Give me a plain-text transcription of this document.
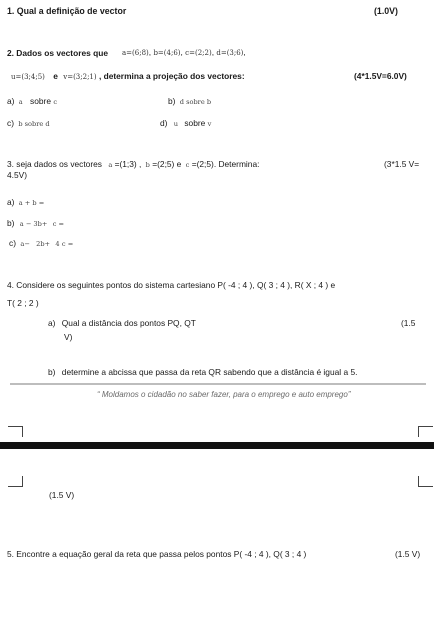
1. Qual a definição de vector	(1.0V)
2. Dados os vectores que a=(6;8), b=(4;6), c=(2;2), d=(3;6),
u=(3;4;5) e v=(3;2;1) , determina a projeção dos vectores:	(4*1.5V=6.0V)
a) a sobre c	b) d sobre b
c) b sobre d	d) u sobre v
3. seja dados os vectores a =(1;3) , b =(2;5) e c =(2;5). Determina:	(3*1.5 V=
4.5V)
a) a + b =
b) a − 3b+ c =
c) a− 2b+ 4 c =
4. Considere os seguintes pontos do sistema cartesiano P( -4 ; 4 ), Q( 3 ; 4 ), R( X ; 4 ) e
T( 2 ; 2 )
a) Qual a distância dos pontos PQ, QT	(1.5
V)
b) determine a abcissa que passa da reta QR sabendo que a distância é igual a 5.
“ Moldamos o cidadão no saber fazer, para o emprego e auto emprego”
(1.5 V)
5. Encontre a equação geral da reta que passa pelos pontos P( -4 ; 4 ), Q( 3 ; 4 )	(1.5 V)
